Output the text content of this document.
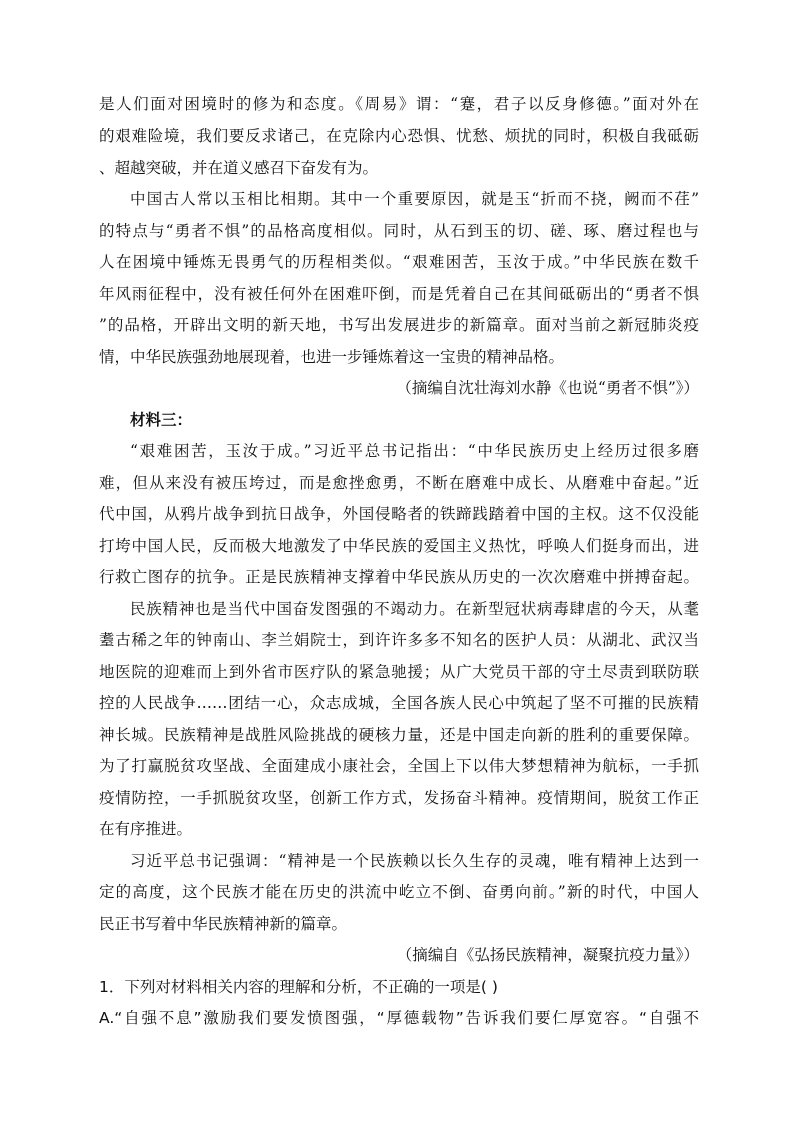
是人们面对困境时的修为和态度。《周易》谓：“蹇，君子以反身修德。”面对外在
的艰难险境，我们要反求诸己，在克除内心恐惧、忧愁、烦扰的同时，积极自我砥砺
、超越突破，并在道义感召下奋发有为。
中国古人常以玉相比相期。其中一个重要原因，就是玉“折而不挠，阙而不荏”
的特点与“勇者不惧”的品格高度相似。同时，从石到玉的切、磋、琢、磨过程也与
人在困境中锤炼无畏勇气的历程相类似。“艰难困苦，玉汝于成。”中华民族在数千
年风雨征程中，没有被任何外在困难吓倒，而是凭着自己在其间砥砺出的“勇者不惧
”的品格，开辟出文明的新天地，书写出发展进步的新篇章。面对当前之新冠肺炎疫
情，中华民族强劲地展现着，也进一步锤炼着这一宝贵的精神品格。
（摘编自沈壮海刘水静《也说“勇者不惧”》）
材料三：
“艰难困苦，玉汝于成。”习近平总书记指出：“中华民族历史上经历过很多磨
难，但从来没有被压垮过，而是愈挫愈勇，不断在磨难中成长、从磨难中奋起。”近
代中国，从鸦片战争到抗日战争，外国侵略者的铁蹄践踏着中国的主权。这不仅没能
打垮中国人民，反而极大地激发了中华民族的爱国主义热忱，呼唤人们挺身而出，进
行救亡图存的抗争。正是民族精神支撑着中华民族从历史的一次次磨难中拼搏奋起。
民族精神也是当代中国奋发图强的不竭动力。在新型冠状病毒肆虐的今天，从耄
耋古稀之年的钟南山、李兰娟院士，到许许多多不知名的医护人员：从湖北、武汉当
地医院的迎难而上到外省市医疗队的紧急驰援；从广大党员干部的守土尽责到联防联
控的人民战争……团结一心，众志成城，全国各族人民心中筑起了坚不可摧的民族精
神长城。民族精神是战胜风险挑战的硬核力量，还是中国走向新的胜利的重要保障。
为了打赢脱贫攻坚战、全面建成小康社会，全国上下以伟大梦想精神为航标，一手抓
疫情防控，一手抓脱贫攻坚，创新工作方式，发扬奋斗精神。疫情期间，脱贫工作正
在有序推进。
习近平总书记强调：“精神是一个民族赖以长久生存的灵魂，唯有精神上达到一
定的高度，这个民族才能在历史的洪流中屹立不倒、奋勇向前。”新的时代，中国人
民正书写着中华民族精神新的篇章。
（摘编自《弘扬民族精神，凝聚抗疫力量》）
1．下列对材料相关内容的理解和分析，不正确的一项是( )
A.“自强不息”激励我们要发愤图强，“厚德载物”告诉我们要仁厚宽容。“自强不
